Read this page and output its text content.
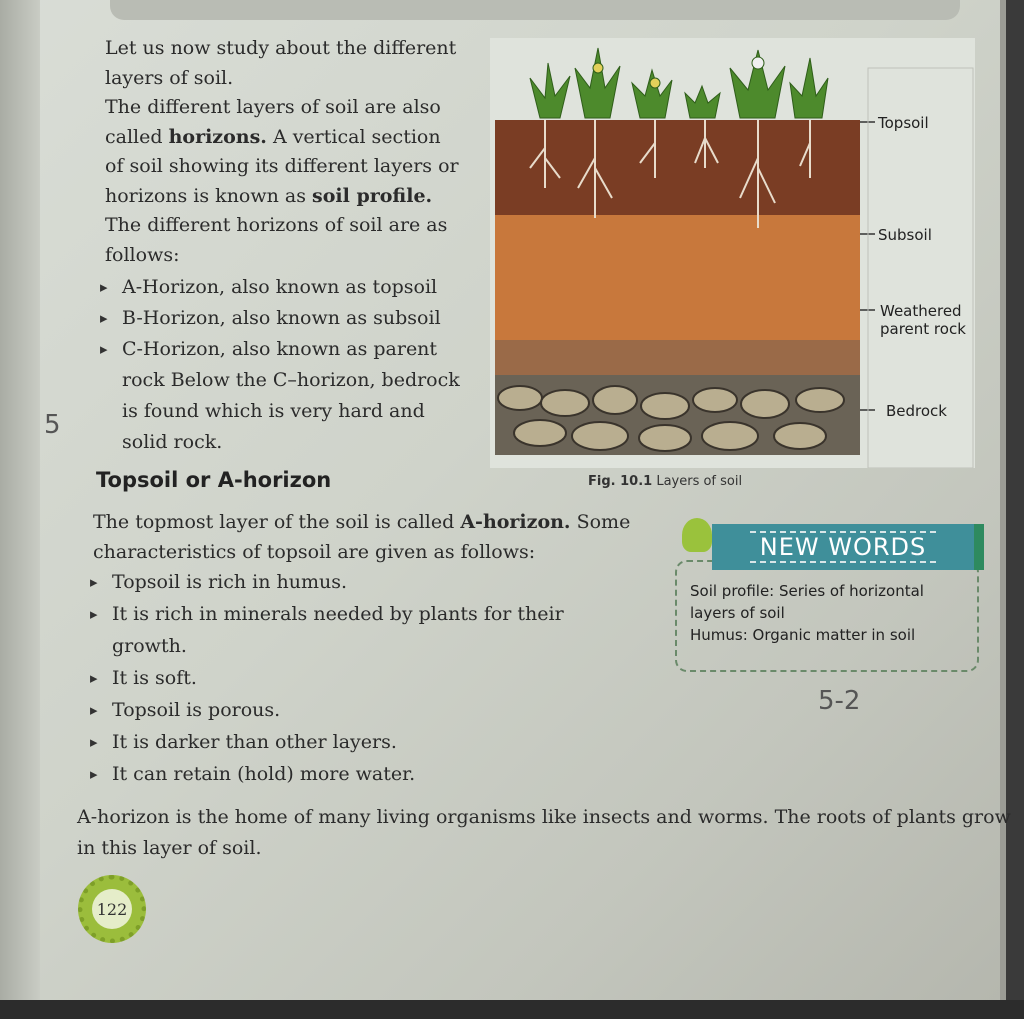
Let us now study about the different layers of soil.

The different layers of soil are also called horizons. A vertical section of soil showing its different layers or horizons is known as soil profile. The different horizons of soil are as follows:

▸ A-Horizon, also known as topsoil
▸ B-Horizon, also known as subsoil
▸ C-Horizon, also known as parent rock Below the C–horizon, bedrock is found which is very hard and solid rock.
5
Topsoil
Subsoil
Weathered parent rock
Bedrock
Fig. 10.1 Layers of soil
Topsoil or A-horizon
The topmost layer of the soil is called A-horizon. Some characteristics of topsoil are given as follows:
▸ Topsoil is rich in humus.
▸ It is rich in minerals needed by plants for their growth.
▸ It is soft.
▸ Topsoil is porous.
▸ It is darker than other layers.
▸ It can retain (hold) more water.
A-horizon is the home of many living organisms like insects and worms. The roots of plants grow in this layer of soil.
NEW WORDS

Soil profile: Series of horizontal layers of soil

Humus: Organic matter in soil

5-2
122
